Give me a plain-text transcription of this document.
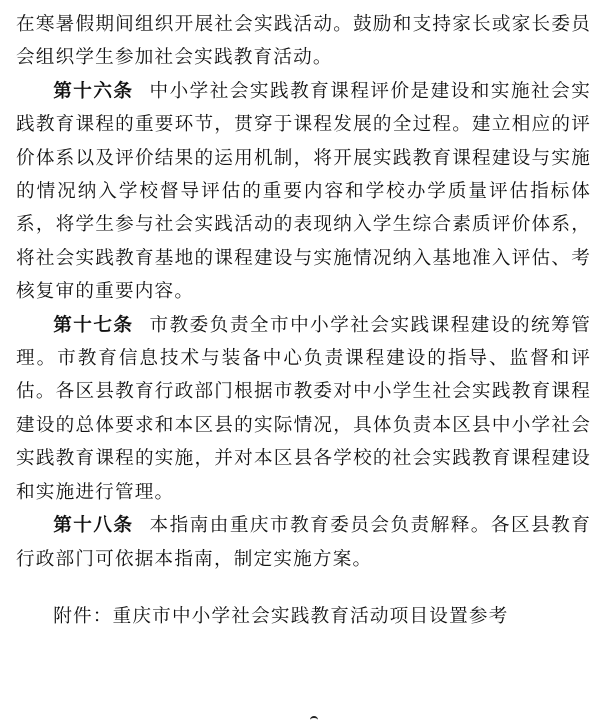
在寒暑假期间组织开展社会实践活动。鼓励和支持家长或家长委员会组织学生参加社会实践教育活动。

第十六条 中小学社会实践教育课程评价是建设和实施社会实践教育课程的重要环节，贯穿于课程发展的全过程。建立相应的评价体系以及评价结果的运用机制，将开展实践教育课程建设与实施的情况纳入学校督导评估的重要内容和学校办学质量评估指标体系，将学生参与社会实践活动的表现纳入学生综合素质评价体系，将社会实践教育基地的课程建设与实施情况纳入基地准入评估、考核复审的重要内容。

第十七条 市教委负责全市中小学社会实践课程建设的统筹管理。市教育信息技术与装备中心负责课程建设的指导、监督和评估。各区县教育行政部门根据市教委对中小学生社会实践教育课程建设的总体要求和本区县的实际情况，具体负责本区县中小学社会实践教育课程的实施，并对本区县各学校的社会实践教育课程建设和实施进行管理。

第十八条 本指南由重庆市教育委员会负责解释。各区县教育行政部门可依据本指南，制定实施方案。

附件：重庆市中小学社会实践教育活动项目设置参考
